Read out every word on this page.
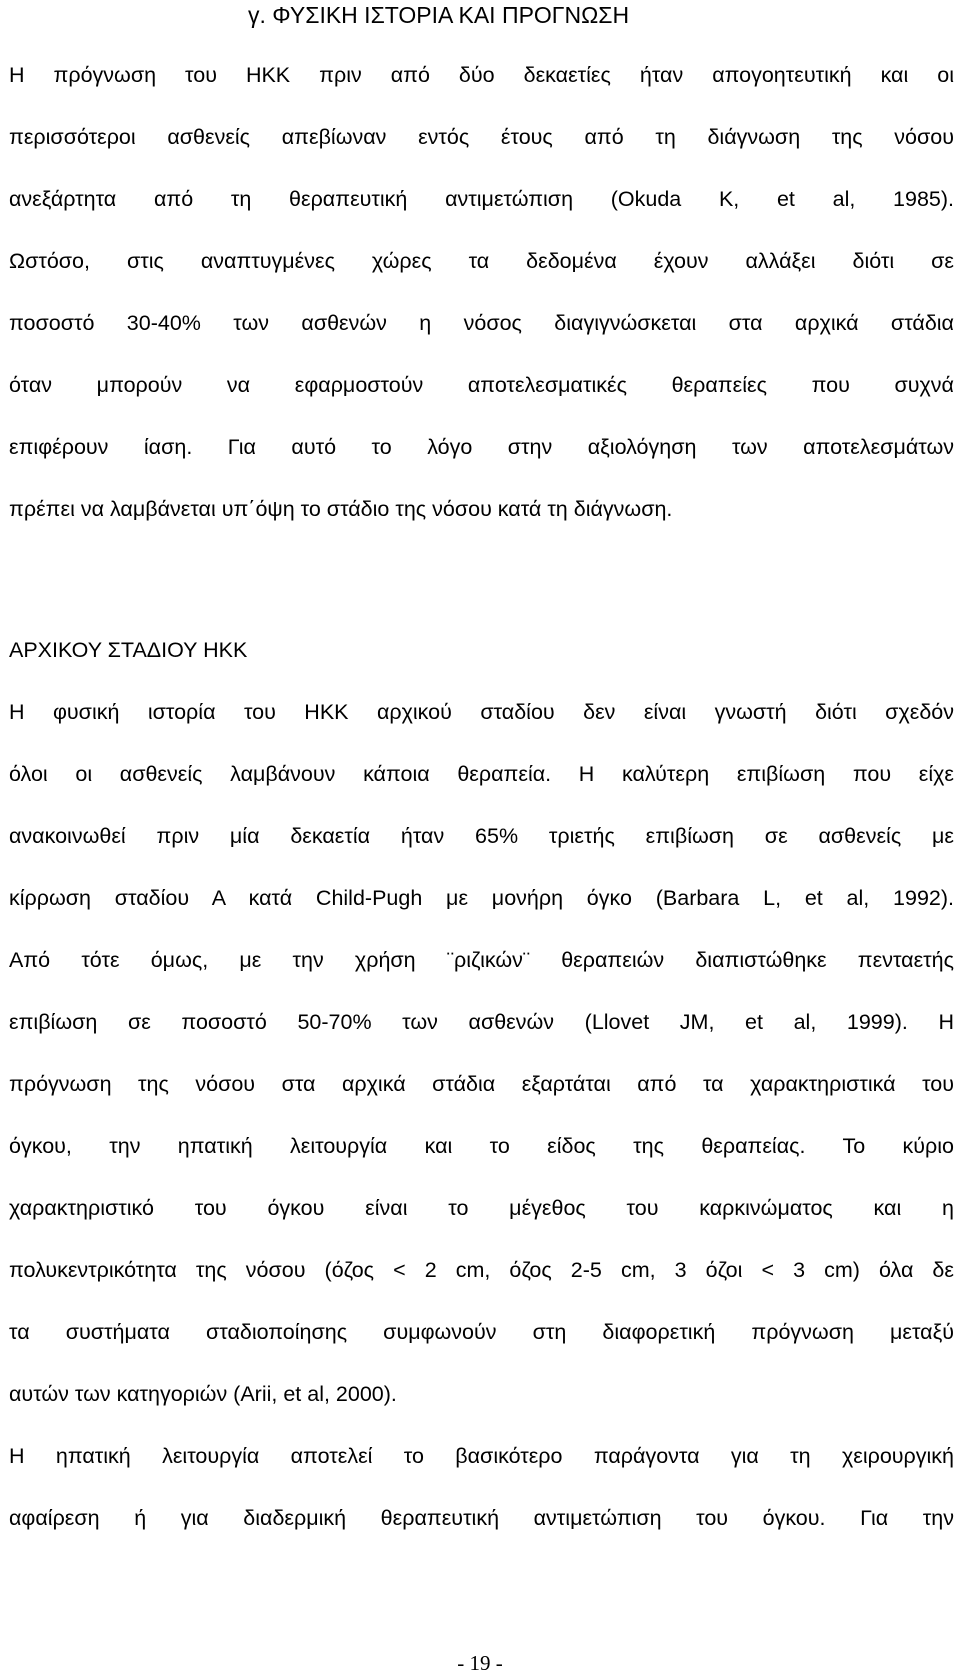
γ. ΦΥΣΙΚΗ ΙΣΤΟΡΙΑ ΚΑΙ ΠΡΟΓΝΩΣΗ
Η πρόγνωση του ΗΚΚ πριν από δύο δεκαετίες ήταν απογοητευτική και οι
περισσότεροι ασθενείς απεβίωναν εντός έτους από τη διάγνωση της νόσου
ανεξάρτητα από τη θεραπευτική αντιμετώπιση (Okuda K, et al, 1985).
Ωστόσο, στις αναπτυγμένες χώρες τα δεδομένα έχουν αλλάξει διότι σε
ποσοστό 30-40% των ασθενών η νόσος διαγιγνώσκεται στα αρχικά στάδια
όταν μπορούν να εφαρμοστούν αποτελεσματικές θεραπείες που συχνά
επιφέρουν ίαση. Για αυτό το λόγο στην αξιολόγηση των αποτελεσμάτων
πρέπει να λαμβάνεται υπ΄όψη το στάδιο της νόσου κατά τη διάγνωση.
ΑΡΧΙΚΟΥ ΣΤΑΔΙΟΥ ΗΚΚ
Η φυσική ιστορία του ΗΚΚ αρχικού σταδίου δεν είναι γνωστή διότι σχεδόν
όλοι οι ασθενείς λαμβάνουν κάποια θεραπεία. Η καλύτερη επιβίωση που είχε
ανακοινωθεί πριν μία δεκαετία ήταν 65% τριετής επιβίωση σε ασθενείς με
κίρρωση σταδίου Α κατά Child-Pugh με μονήρη όγκο (Barbara L, et al, 1992).
Από τότε όμως, με την χρήση ¨ριζικών¨ θεραπειών διαπιστώθηκε πενταετής
επιβίωση σε ποσοστό 50-70% των ασθενών (Llovet JM, et al, 1999). Η
πρόγνωση της νόσου στα αρχικά στάδια εξαρτάται από τα χαρακτηριστικά του
όγκου, την ηπατική λειτουργία και το είδος της θεραπείας. Το κύριο
χαρακτηριστικό του όγκου είναι το μέγεθος του καρκινώματος και η
πολυκεντρικότητα της νόσου (όζος < 2 cm, όζος 2-5 cm, 3 όζοι < 3 cm) όλα δε
τα συστήματα σταδιοποίησης συμφωνούν στη διαφορετική πρόγνωση μεταξύ
αυτών των κατηγοριών (Arii, et al, 2000).
Η ηπατική λειτουργία αποτελεί το βασικότερο παράγοντα για τη χειρουργική
αφαίρεση ή για διαδερμική θεραπευτική αντιμετώπιση του όγκου. Για την
- 19 -
